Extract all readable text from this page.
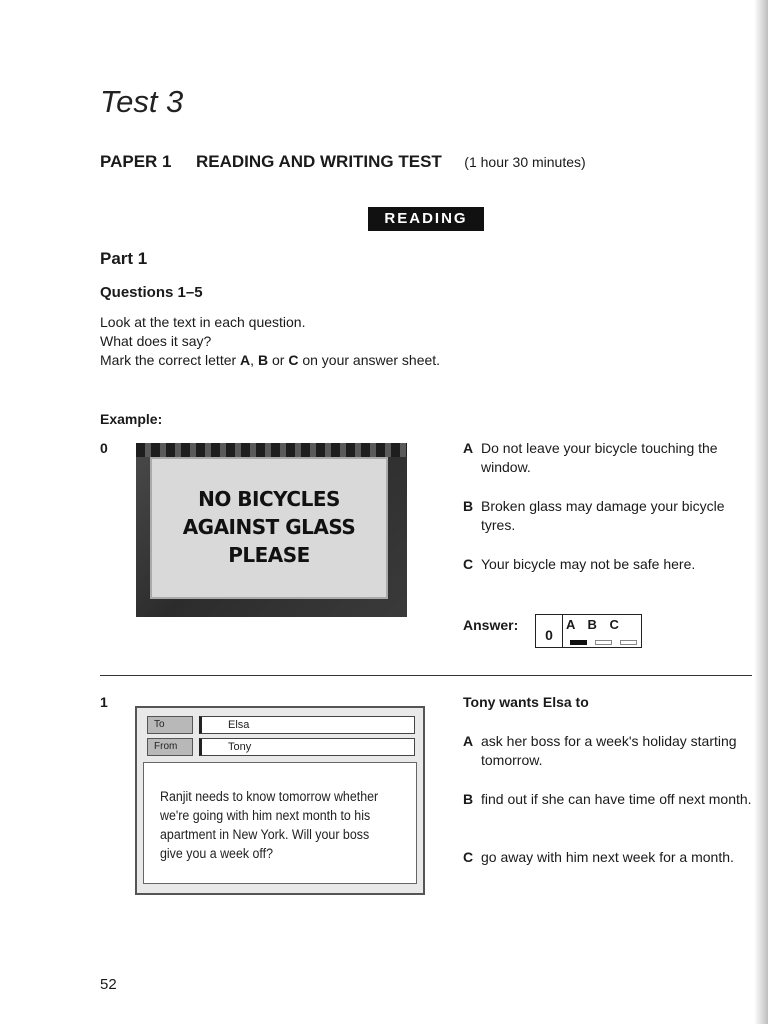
Test 3
PAPER 1 READING AND WRITING TEST (1 hour 30 minutes)
READING
Part 1
Questions 1–5
Look at the text in each question.
What does it say?
Mark the correct letter A, B or C on your answer sheet.
Example:
0
NO BICYCLES
AGAINST GLASS
PLEASE
A Do not leave your bicycle touching the window.
B Broken glass may damage your bicycle tyres.
C Your bicycle may not be safe here.
Answer:
0
A B C
1
To	Elsa
From	Tony
Ranjit needs to know tomorrow whether we're going with him next month to his apartment in New York. Will your boss give you a week off?
Tony wants Elsa to
A ask her boss for a week's holiday starting tomorrow.
B find out if she can have time off next month.
C go away with him next week for a month.
52
